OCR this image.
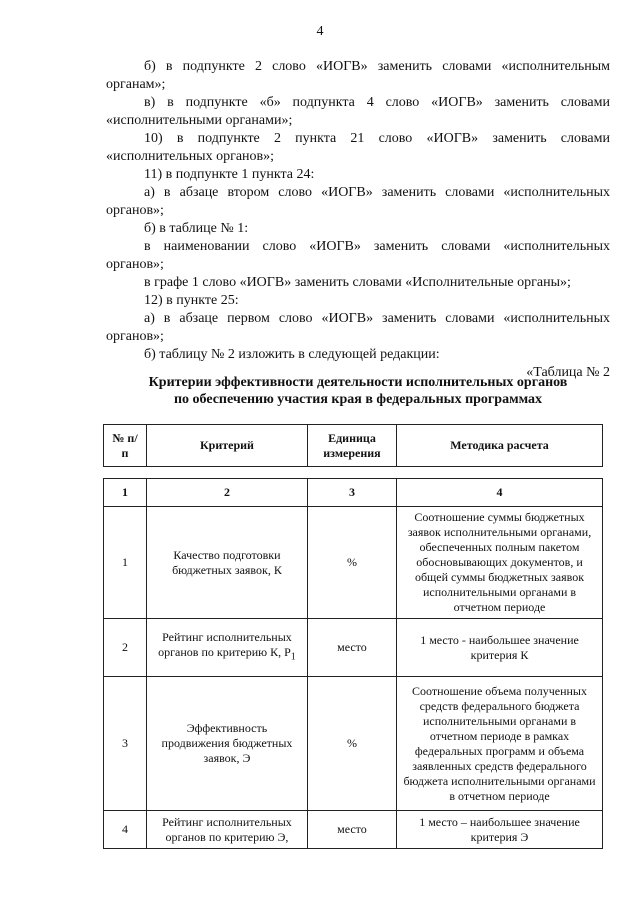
4

б) в подпункте 2 слово «ИОГВ» заменить словами «исполнительным органам»;

в) в подпункте «б» подпункта 4 слово «ИОГВ» заменить словами «исполнительными органами»;

10) в подпункте 2 пункта 21 слово «ИОГВ» заменить словами «исполнительных органов»;

11) в подпункте 1 пункта 24:

а) в абзаце втором слово «ИОГВ» заменить словами «исполнительных органов»;

б) в таблице № 1:

в наименовании слово «ИОГВ» заменить словами «исполнительных органов»;

в графе 1 слово «ИОГВ» заменить словами «Исполнительные органы»;

12) в пункте 25:

а) в абзаце первом слово «ИОГВ» заменить словами «исполнительных органов»;

б) таблицу № 2 изложить в следующей редакции:

«Таблица № 2

Критерии эффективности деятельности исполнительных органов
по обеспечению участия края в федеральных программах
№ п/п	Критерий	Единица измерения	Методика расчета
1	2	3	4
1	Качество подготовки бюджетных заявок, К	%	Соотношение суммы бюджетных заявок исполнительными органами, обеспеченных полным пакетом обосновывающих документов, и общей суммы бюджетных заявок исполнительными органами в отчетном периоде
2	Рейтинг исполнительных органов по критерию К, $Р_1$	место	1 место - наибольшее значение критерия К
3	Эффективность продвижения бюджетных заявок, Э	%	Соотношение объема полученных средств федерального бюджета исполнительными органами в отчетном периоде в рамках федеральных программ и объема заявленных средств федерального бюджета исполнительными органами в отчетном периоде
4	Рейтинг исполнительных органов по критерию Э,	место	1 место – наибольшее значение критерия Э
